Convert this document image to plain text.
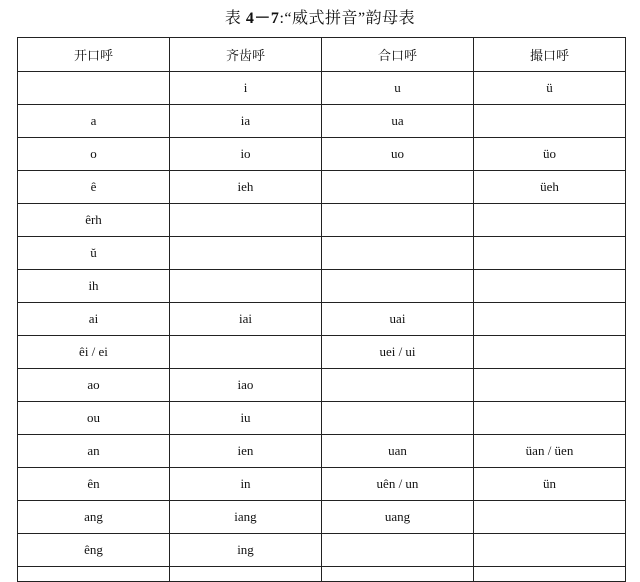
表 4－7:“威式拼音”韵母表
开口呼	齐齿呼	合口呼	撮口呼
	i	u	ü
a	ia	ua	
o	io	uo	üo
ê	ieh		üeh
êrh			
ŭ			
ih			
ai	iai	uai	
êi / ei		uei / ui	
ao	iao		
ou	iu		
an	ien	uan	üan / üen
ên	in	uên / un	ün
ang	iang	uang	
êng	ing		
